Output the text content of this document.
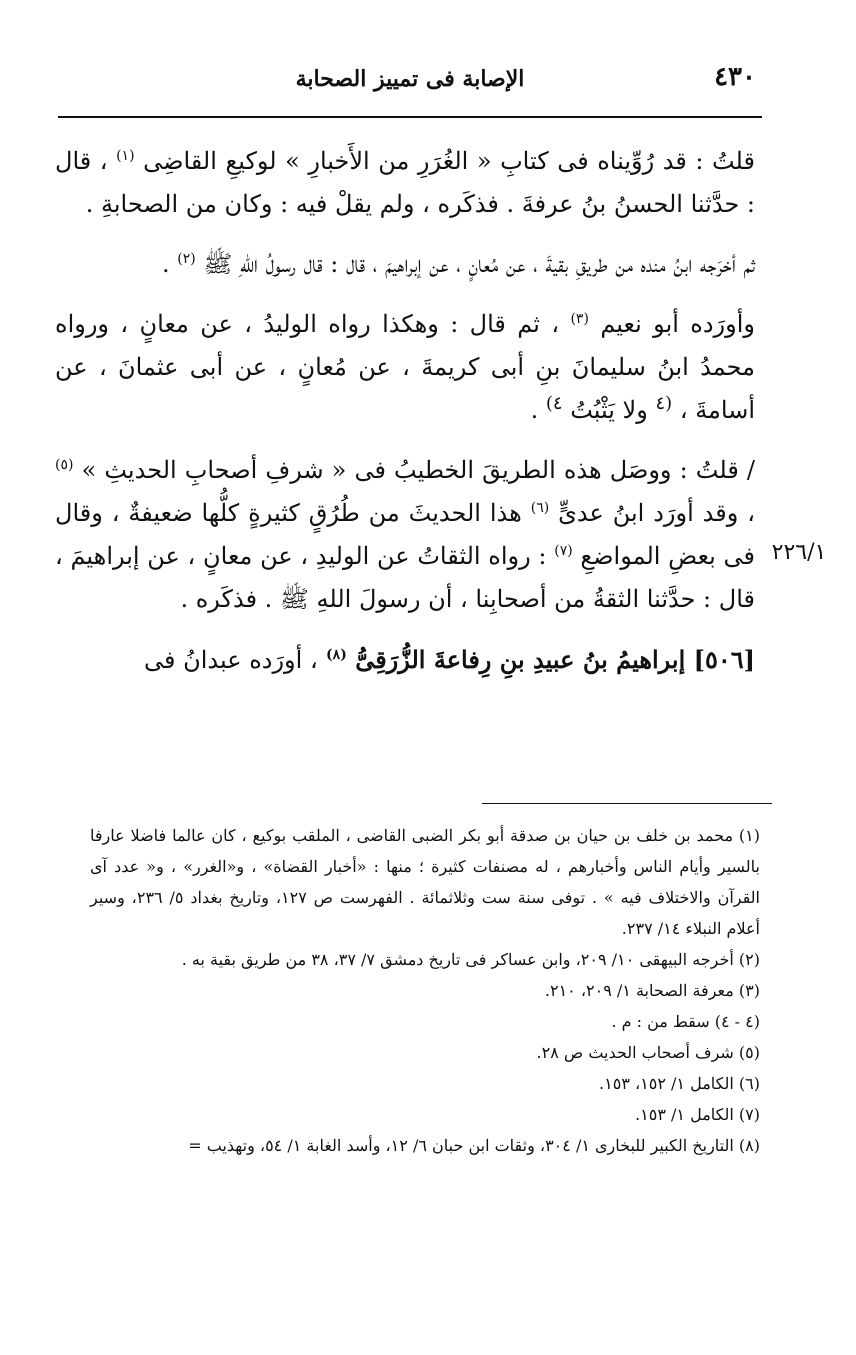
٤٣٠
الإصابة فى تمييز الصحابة
٢٢٦/١

قلتُ : قد رُوِّيناه فى كتابِ « الغُرَرِ من الأَخبارِ » لوكيعِ القاضِى $^{(١)}$ ، قال : حدَّثنا الحسنُ بنُ عرفةَ . فذكَره ، ولم يقلْ فيه : وكان من الصحابةِ .

ثم أخرَجه ابنُ منده من طريقِ بقيةَ ، عن مُعانٍ ، عن إبراهيمَ ، قال : قال رسولُ اللهِ ﷺ $^{(٢)}$ .

وأورَده أبو نعيم $^{(٣)}$ ، ثم قال : وهكذا رواه الوليدُ ، عن معانٍ ، ورواه محمدُ ابنُ سليمانَ بنِ أبى كريمةَ ، عن مُعانٍ ، عن أبى عثمانَ ، عن أسامةَ ، $^{(٤}$ ولا يَثْبُتُ $^{٤)}$ .

/ قلتُ : ووصَل هذه الطريقَ الخطيبُ فى « شرفِ أصحابِ الحديثِ » $^{(٥)}$ ، وقد أورَد ابنُ عدىٍّ $^{(٦)}$ هذا الحديثَ من طُرُقٍ كثيرةٍ كلُّها ضعيفةٌ ، وقال فى بعضِ المواضعِ $^{(٧)}$ : رواه الثقاتُ عن الوليدِ ، عن معانٍ ، عن إبراهيمَ ، قال : حدَّثنا الثقةُ من أصحابِنا ، أن رسولَ اللهِ ﷺ . فذكَره .

[٥٠٦] إبراهيمُ بنُ عبيدِ بنِ رِفاعةَ الزُّرَقِىُّ $^{(٨)}$ ، أورَده عبدانُ فى

(١) محمد بن خلف بن حيان بن صدقة أبو بكر الضبى القاضى ، الملقب بوكيع ، كان عالما فاضلا عارفا بالسير وأيام الناس وأخبارهم ، له مصنفات كثيرة ؛ منها : «أخبار القضاة» ، و«الغرر» ، و« عدد آى القرآن والاختلاف فيه » . توفى سنة ست وثلاثمائة . الفهرست ص ١٢٧، وتاريخ بغداد ٥/ ٢٣٦، وسير أعلام النبلاء ١٤/ ٢٣٧.

(٢) أخرجه البيهقى ١٠/ ٢٠٩، وابن عساكر فى تاريخ دمشق ٧/ ٣٧، ٣٨ من طريق بقية به .

(٣) معرفة الصحابة ١/ ٢٠٩، ٢١٠.

(٤ - ٤) سقط من : م .

(٥) شرف أصحاب الحديث ص ٢٨.

(٦) الكامل ١/ ١٥٢، ١٥٣.

(٧) الكامل ١/ ١٥٣.

(٨) التاريخ الكبير للبخارى ١/ ٣٠٤، وثقات ابن حبان ٦/ ١٢، وأسد الغابة ١/ ٥٤، وتهذيب =
